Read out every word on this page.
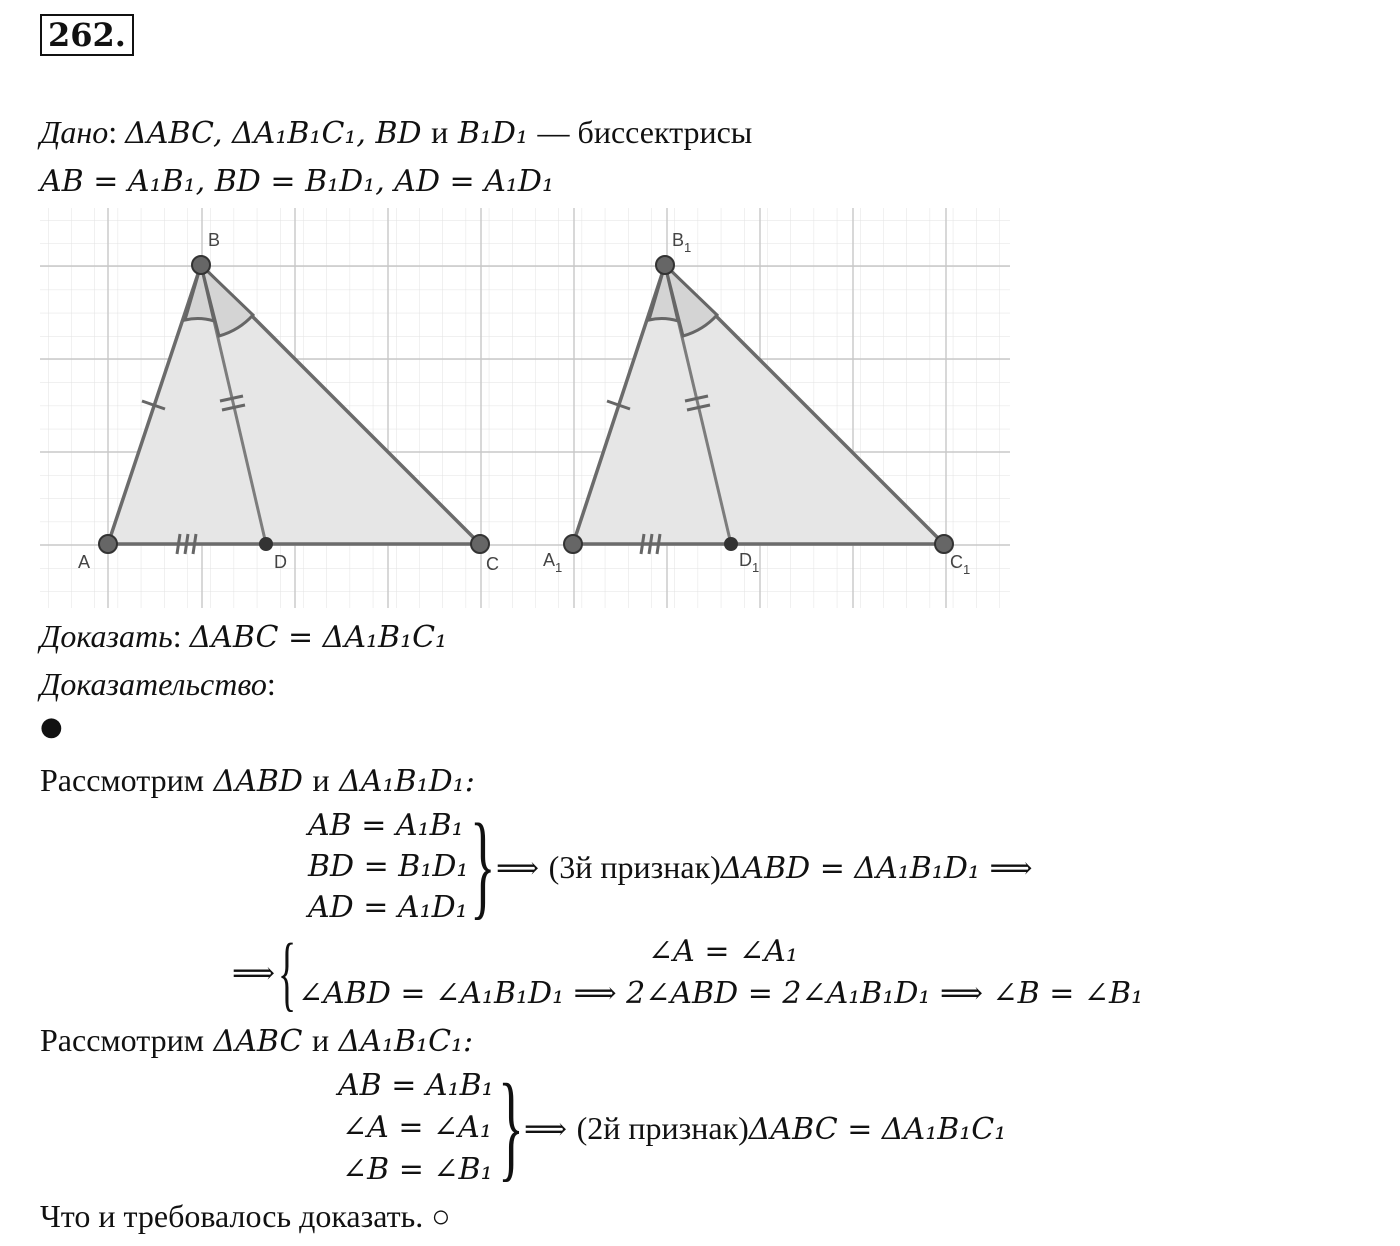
262.
Дано: ΔABC, ΔA₁B₁C₁, BD и B₁D₁ — биссектрисы
AB = A₁B₁, BD = B₁D₁, AD = A₁D₁
A
B
C
D	$A_1$
$B_1$
$C_1$
$D_1$
Доказать: ΔABC = ΔA₁B₁C₁
Доказательство:
●
Рассмотрим ΔABD и ΔA₁B₁D₁:
AB = A₁B₁
BD = B₁D₁
AD = A₁D₁ } ⟹ (3й признак)ΔABD = ΔA₁B₁D₁ ⟹
⟹ {	∠A = ∠A₁
∠ABD = ∠A₁B₁D₁ ⟹ 2∠ABD = 2∠A₁B₁D₁ ⟹ ∠B = ∠B₁
Рассмотрим ΔABC и ΔA₁B₁C₁:
AB = A₁B₁
∠A = ∠A₁
∠B = ∠B₁ } ⟹ (2й признак)ΔABC = ΔA₁B₁C₁
Что и требовалось доказать. ○
